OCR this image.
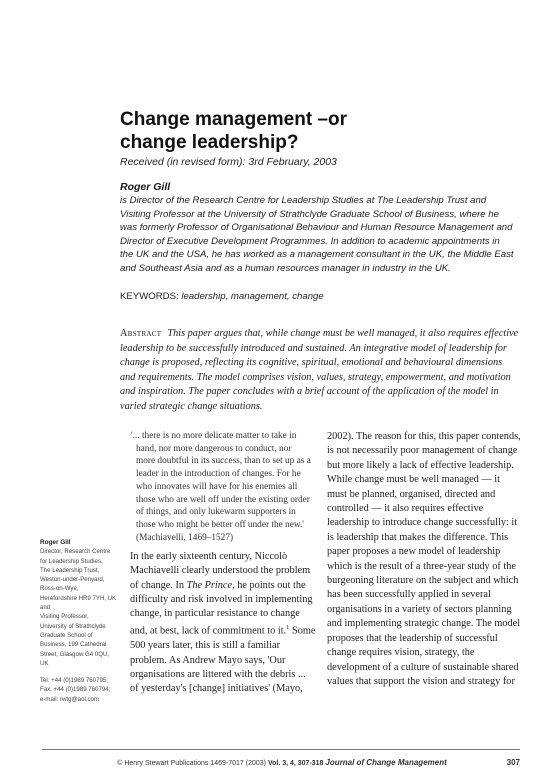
Change management –or
change leadership?
Received (in revised form): 3rd February, 2003
Roger Gill
is Director of the Research Centre for Leadership Studies at The Leadership Trust and Visiting Professor at the University of Strathclyde Graduate School of Business, where he was formerly Professor of Organisational Behaviour and Human Resource Management and Director of Executive Development Programmes. In addition to academic appointments in the UK and the USA, he has worked as a management consultant in the UK, the Middle East and Southeast Asia and as a human resources manager in industry in the UK.
KEYWORDS: leadership, management, change
Abstract This paper argues that, while change must be well managed, it also requires effective leadership to be successfully introduced and sustained. An integrative model of leadership for change is proposed, reflecting its cognitive, spiritual, emotional and behavioural dimensions and requirements. The model comprises vision, values, strategy, empowerment, and motivation and inspiration. The paper concludes with a brief account of the application of the model in varied strategic change situations.
'... there is no more delicate matter to take in hand, nor more dangerous to conduct, nor more doubtful in its success, than to set up as a leader in the introduction of changes. For he who innovates will have for his enemies all those who are well off under the existing order of things, and only lukewarm supporters in those who might be better off under the new.' (Machiavelli, 1469–1527)
Roger Gill
Director, Research Centre
for Leadership Studies,
The Leadership Trust,
Weston-under-Penyard,
Ross-on-Wye,
Herefordshire HR9 7YH, UK
and
Visiting Professor,
University of Strathclyde
Graduate School of
Business, 199 Cathedral
Street, Glasgow G4 0QU,
UK
Tel: +44 (0)1989 760795;
Fax: +44 (0)1989 760794;
e-mail: rwtg@aol.com
In the early sixteenth century, Niccolò Machiavelli clearly understood the problem of change. In The Prince, he points out the difficulty and risk involved in implementing change, in particular resistance to change and, at best, lack of commitment to it.$^1$ Some 500 years later, this is still a familiar problem. As Andrew Mayo says, 'Our organisations are littered with the debris ... of yesterday's [change] initiatives' (Mayo,
2002). The reason for this, this paper contends, is not necessarily poor management of change but more likely a lack of effective leadership.
While change must be well managed — it must be planned, organised, directed and controlled — it also requires effective leadership to introduce change successfully: it is leadership that makes the difference. This paper proposes a new model of leadership which is the result of a three-year study of the burgeoning literature on the subject and which has been successfully applied in several organisations in a variety of sectors planning and implementing strategic change. The model proposes that the leadership of successful change requires vision, strategy, the development of a culture of sustainable shared values that support the vision and strategy for
© Henry Stewart Publications 1469-7017 (2003) Vol. 3, 4, 307-318 Journal of Change Management	307
